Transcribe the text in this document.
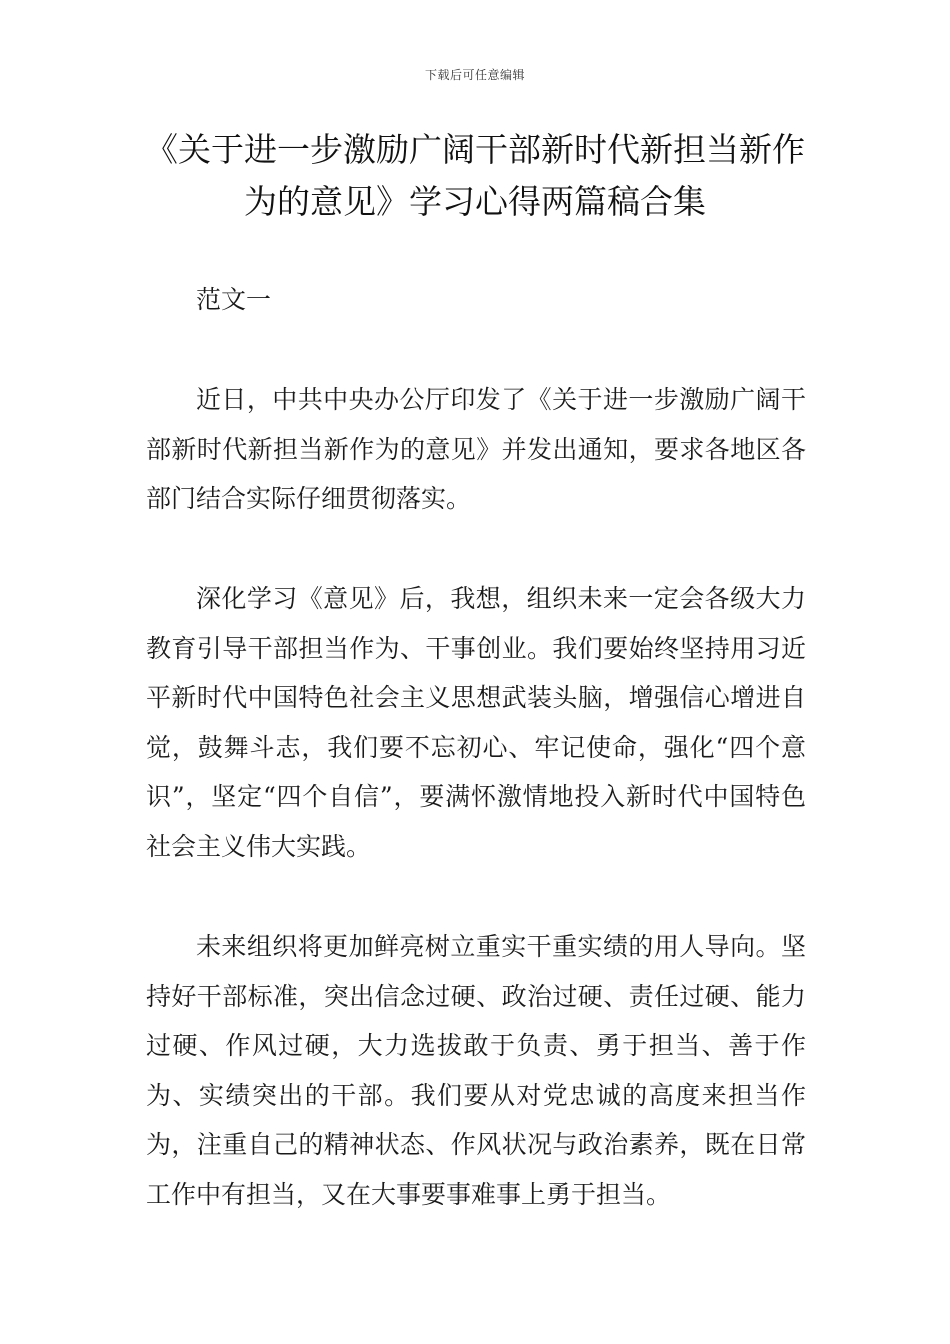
下载后可任意编辑
《关于进一步激励广阔干部新时代新担当新作为的意见》学习心得两篇稿合集

范文一

近日，中共中央办公厅印发了《关于进一步激励广阔干部新时代新担当新作为的意见》并发出通知，要求各地区各部门结合实际仔细贯彻落实。

深化学习《意见》后，我想，组织未来一定会各级大力教育引导干部担当作为、干事创业。我们要始终坚持用习近平新时代中国特色社会主义思想武装头脑，增强信心增进自觉，鼓舞斗志，我们要不忘初心、牢记使命，强化“四个意识”，坚定“四个自信”，要满怀激情地投入新时代中国特色社会主义伟大实践。

未来组织将更加鲜亮树立重实干重实绩的用人导向。坚持好干部标准，突出信念过硬、政治过硬、责任过硬、能力过硬、作风过硬，大力选拔敢于负责、勇于担当、善于作为、实绩突出的干部。我们要从对党忠诚的高度来担当作为，注重自己的精神状态、作风状况与政治素养，既在日常工作中有担当，又在大事要事难事上勇于担当。
